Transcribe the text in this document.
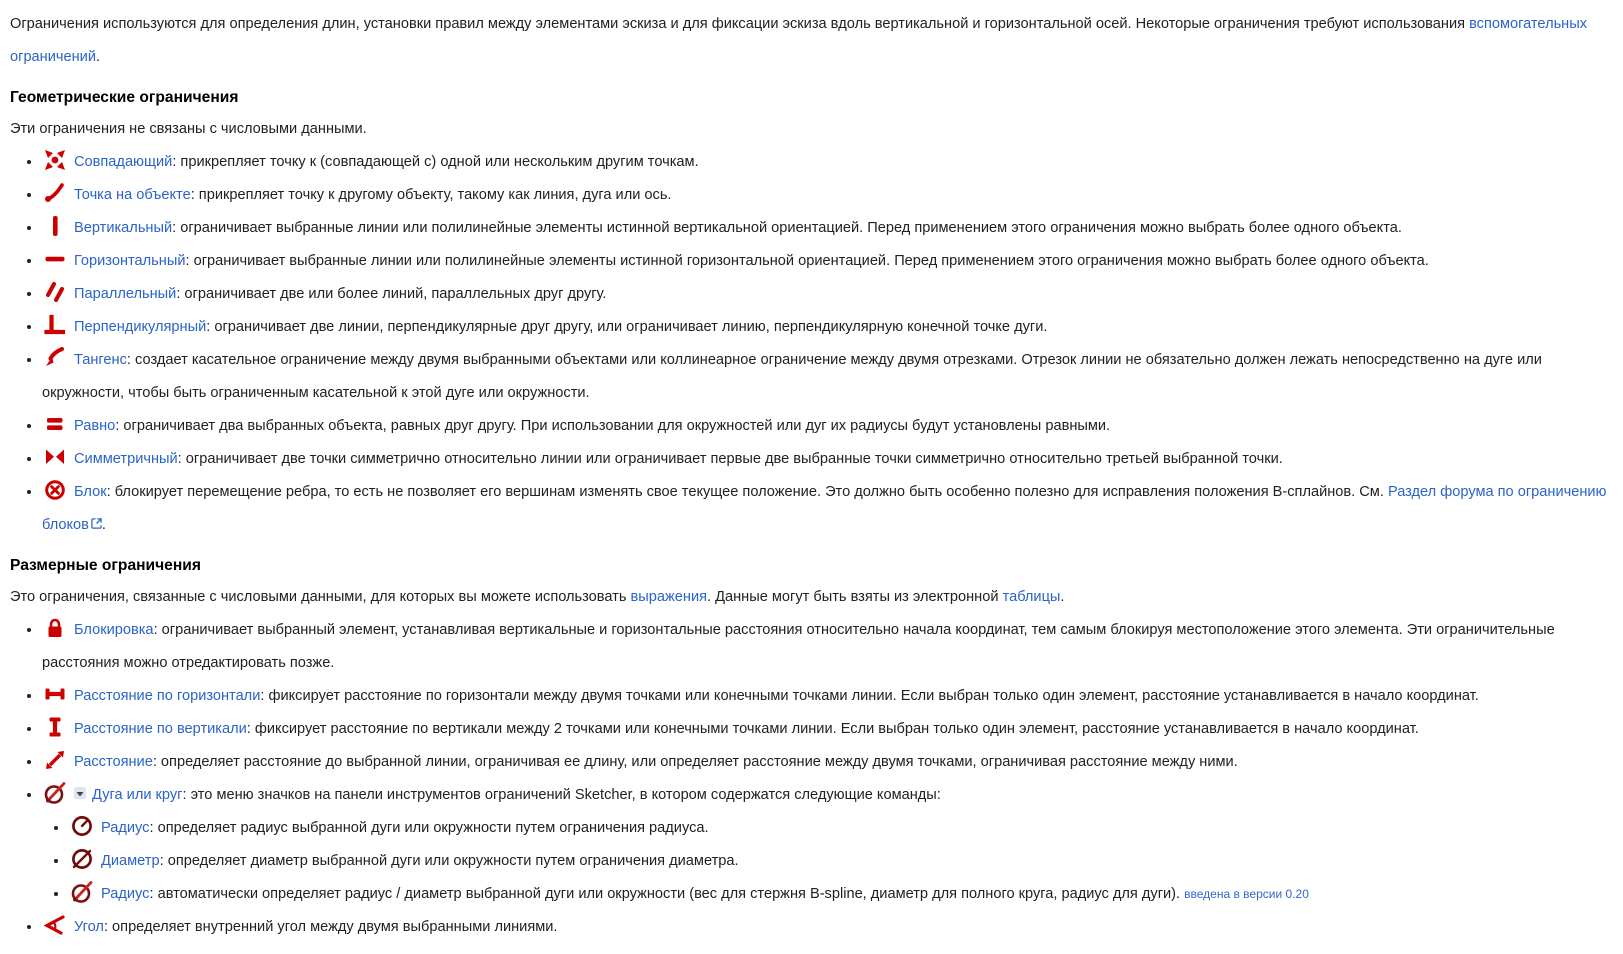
Ограничения используются для определения длин, установки правил между элементами эскиза и для фиксации эскиза вдоль вертикальной и горизонтальной осей. Некоторые ограничения требуют использования вспомогательных ограничений.

Геометрические ограничения

Эти ограничения не связаны с числовыми данными.

• Совпадающий: прикрепляет точку к (совпадающей с) одной или нескольким другим точкам.
• Точка на объекте: прикрепляет точку к другому объекту, такому как линия, дуга или ось.
• Вертикальный: ограничивает выбранные линии или полилинейные элементы истинной вертикальной ориентацией. Перед применением этого ограничения можно выбрать более одного объекта.
• Горизонтальный: ограничивает выбранные линии или полилинейные элементы истинной горизонтальной ориентацией. Перед применением этого ограничения можно выбрать более одного объекта.
• Параллельный: ограничивает две или более линий, параллельных друг другу.
• Перпендикулярный: ограничивает две линии, перпендикулярные друг другу, или ограничивает линию, перпендикулярную конечной точке дуги.
• Тангенс: создает касательное ограничение между двумя выбранными объектами или коллинеарное ограничение между двумя отрезками. Отрезок линии не обязательно должен лежать непосредственно на дуге или окружности, чтобы быть ограниченным касательной к этой дуге или окружности.
• Равно: ограничивает два выбранных объекта, равных друг другу. При использовании для окружностей или дуг их радиусы будут установлены равными.
• Симметричный: ограничивает две точки симметрично относительно линии или ограничивает первые две выбранные точки симметрично относительно третьей выбранной точки.
• Блок: блокирует перемещение ребра, то есть не позволяет его вершинам изменять свое текущее положение. Это должно быть особенно полезно для исправления положения B-сплайнов. См. Раздел форума по ограничению блоков .
Размерные ограничения

Это ограничения, связанные с числовыми данными, для которых вы можете использовать выражения. Данные могут быть взяты из электронной таблицы.

• Блокировка: ограничивает выбранный элемент, устанавливая вертикальные и горизонтальные расстояния относительно начала координат, тем самым блокируя местоположение этого элемента. Эти ограничительные расстояния можно отредактировать позже.
• Расстояние по горизонтали: фиксирует расстояние по горизонтали между двумя точками или конечными точками линии. Если выбран только один элемент, расстояние устанавливается в начало координат.
• Расстояние по вертикали: фиксирует расстояние по вертикали между 2 точками или конечными точками линии. Если выбран только один элемент, расстояние устанавливается в начало координат.
• Расстояние: определяет расстояние до выбранной линии, ограничивая ее длину, или определяет расстояние между двумя точками, ограничивая расстояние между ними.
• Дуга или круг: это меню значков на панели инструментов ограничений Sketcher, в котором содержатся следующие команды:
• Радиус: определяет радиус выбранной дуги или окружности путем ограничения радиуса.
• Диаметр: определяет диаметр выбранной дуги или окружности путем ограничения диаметра.
• Радиус: автоматически определяет радиус / диаметр выбранной дуги или окружности (вес для стержня B-spline, диаметр для полного круга, радиус для дуги). введена в версии 0.20
• Угол: определяет внутренний угол между двумя выбранными линиями.
